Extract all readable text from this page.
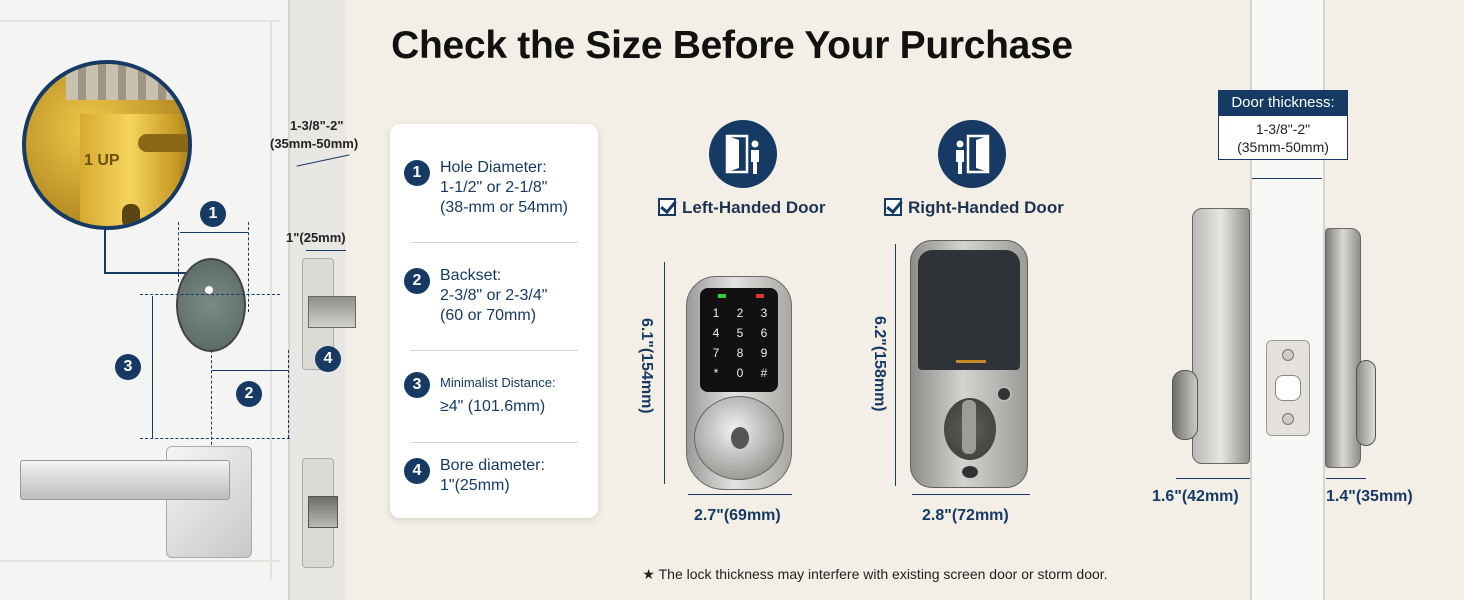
Check the Size Before Your Purchase
1 UP
1
3
2
1-3/8"-2"
(35mm-50mm)
1"(25mm)
4
1	Hole Diameter:
1-1/2" or 2-1/8"
(38-mm or 54mm)
2	Backset:
2-3/8" or 2-3/4"
(60 or 70mm)
3	Minimalist Distance:
≥4" (101.6mm)
4	Bore diameter:
1"(25mm)
Left-Handed Door
1	2	3
4	5	6
7	8	9
*	0	#
6.1"(154mm)
2.7"(69mm)
Right-Handed Door
6.2"(158mm)
2.8"(72mm)
Door thickness:
1-3/8"-2"
(35mm-50mm)
1.6"(42mm)	1.4"(35mm)
★ The lock thickness may interfere with existing screen door or storm door.
